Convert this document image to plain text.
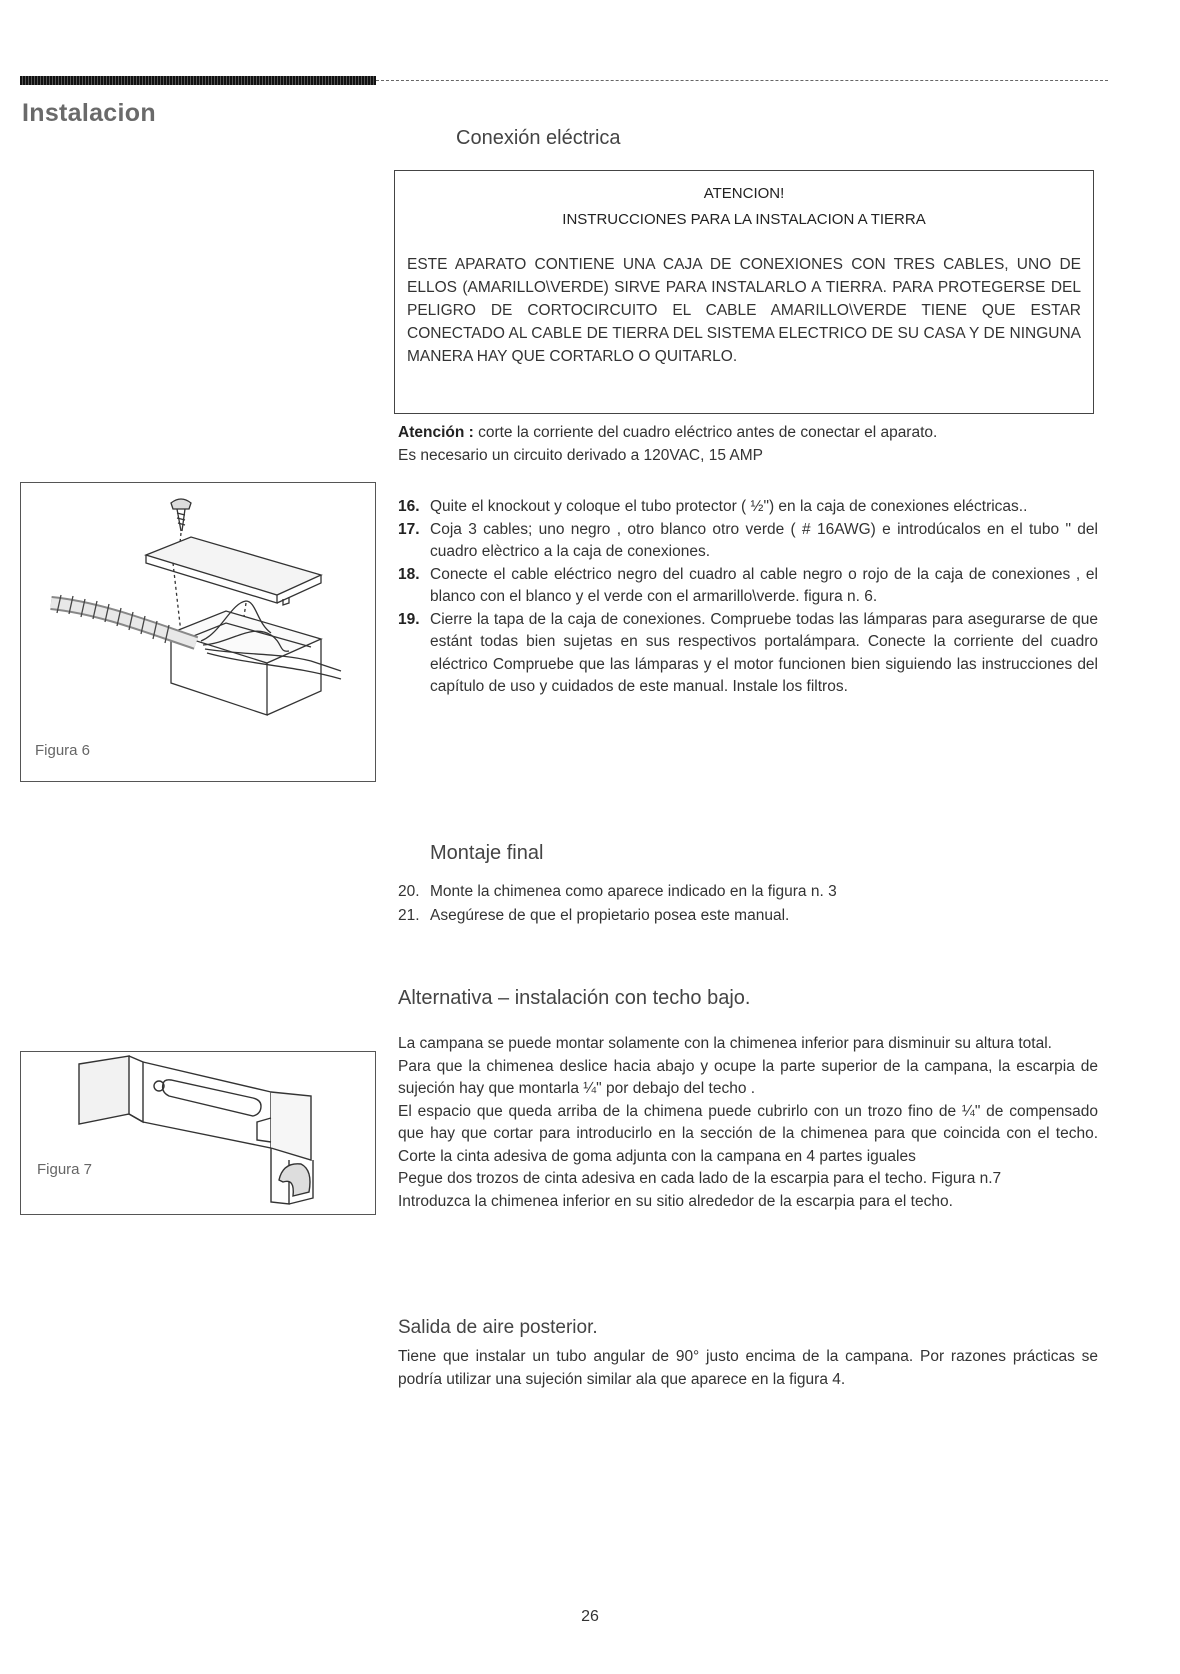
Instalacion
Conexión eléctrica
ATENCION!
INSTRUCCIONES PARA LA INSTALACION A TIERRA
ESTE APARATO CONTIENE UNA CAJA DE CONEXIONES CON TRES CABLES, UNO DE ELLOS (AMARILLO\VERDE) SIRVE PARA INSTALARLO A TIERRA. PARA PROTEGERSE DEL PELIGRO DE CORTOCIRCUITO EL CABLE AMARILLO\VERDE TIENE QUE ESTAR CONECTADO AL CABLE DE TIERRA DEL SISTEMA ELECTRICO DE SU CASA Y DE NINGUNA MANERA HAY QUE CORTARLO O QUITARLO.
Atención : corte la corriente del cuadro eléctrico antes de conectar el aparato.
Es necesario un circuito derivado a 120VAC, 15 AMP
16. Quite el knockout y coloque el tubo protector ( ½") en la caja de conexiones eléctricas..
17. Coja 3 cables; uno negro , otro blanco otro verde ( # 16AWG) e introdúcalos en el tubo " del cuadro elèctrico a la caja de conexiones.
18. Conecte el cable eléctrico negro del cuadro al cable negro o rojo de la caja de conexiones , el blanco con el blanco y el verde con el armarillo\verde. figura n. 6.
19. Cierre la tapa de la caja de conexiones. Compruebe todas las lámparas para asegurarse de que estánt todas bien sujetas en sus respectivos portalámpara. Conecte la corriente del cuadro eléctrico Compruebe que las lámparas y el motor funcionen bien siguiendo las instrucciones del capítulo de uso y cuidados de este manual. Instale los filtros.
Figura 6
Montaje final
20. Monte la chimenea como aparece indicado en la figura n. 3
21. Asegúrese de que el propietario posea este manual.
Alternativa – instalación con techo bajo.
La campana se puede montar solamente con la chimenea inferior para disminuir su altura total.
Para que la chimenea deslice hacia abajo y ocupe la parte superior de la campana, la escarpia de sujeción hay que montarla ¼" por debajo del techo .
El espacio que queda arriba de la chimena puede cubrirlo con un trozo fino de ¼" de compensado que hay que cortar para introducirlo en la sección de la chimenea para que coincida con el techo. Corte la cinta adesiva de goma adjunta con la campana en 4 partes iguales
Pegue dos trozos de cinta adesiva en cada lado de la escarpia para el techo. Figura n.7
Introduzca la chimenea inferior en su sitio alrededor de la escarpia para el techo.
Figura 7
Salida de aire posterior.
Tiene que instalar un tubo angular de 90° justo encima de la campana. Por razones prácticas se podría utilizar una sujeción similar ala que aparece en la figura 4.
26
